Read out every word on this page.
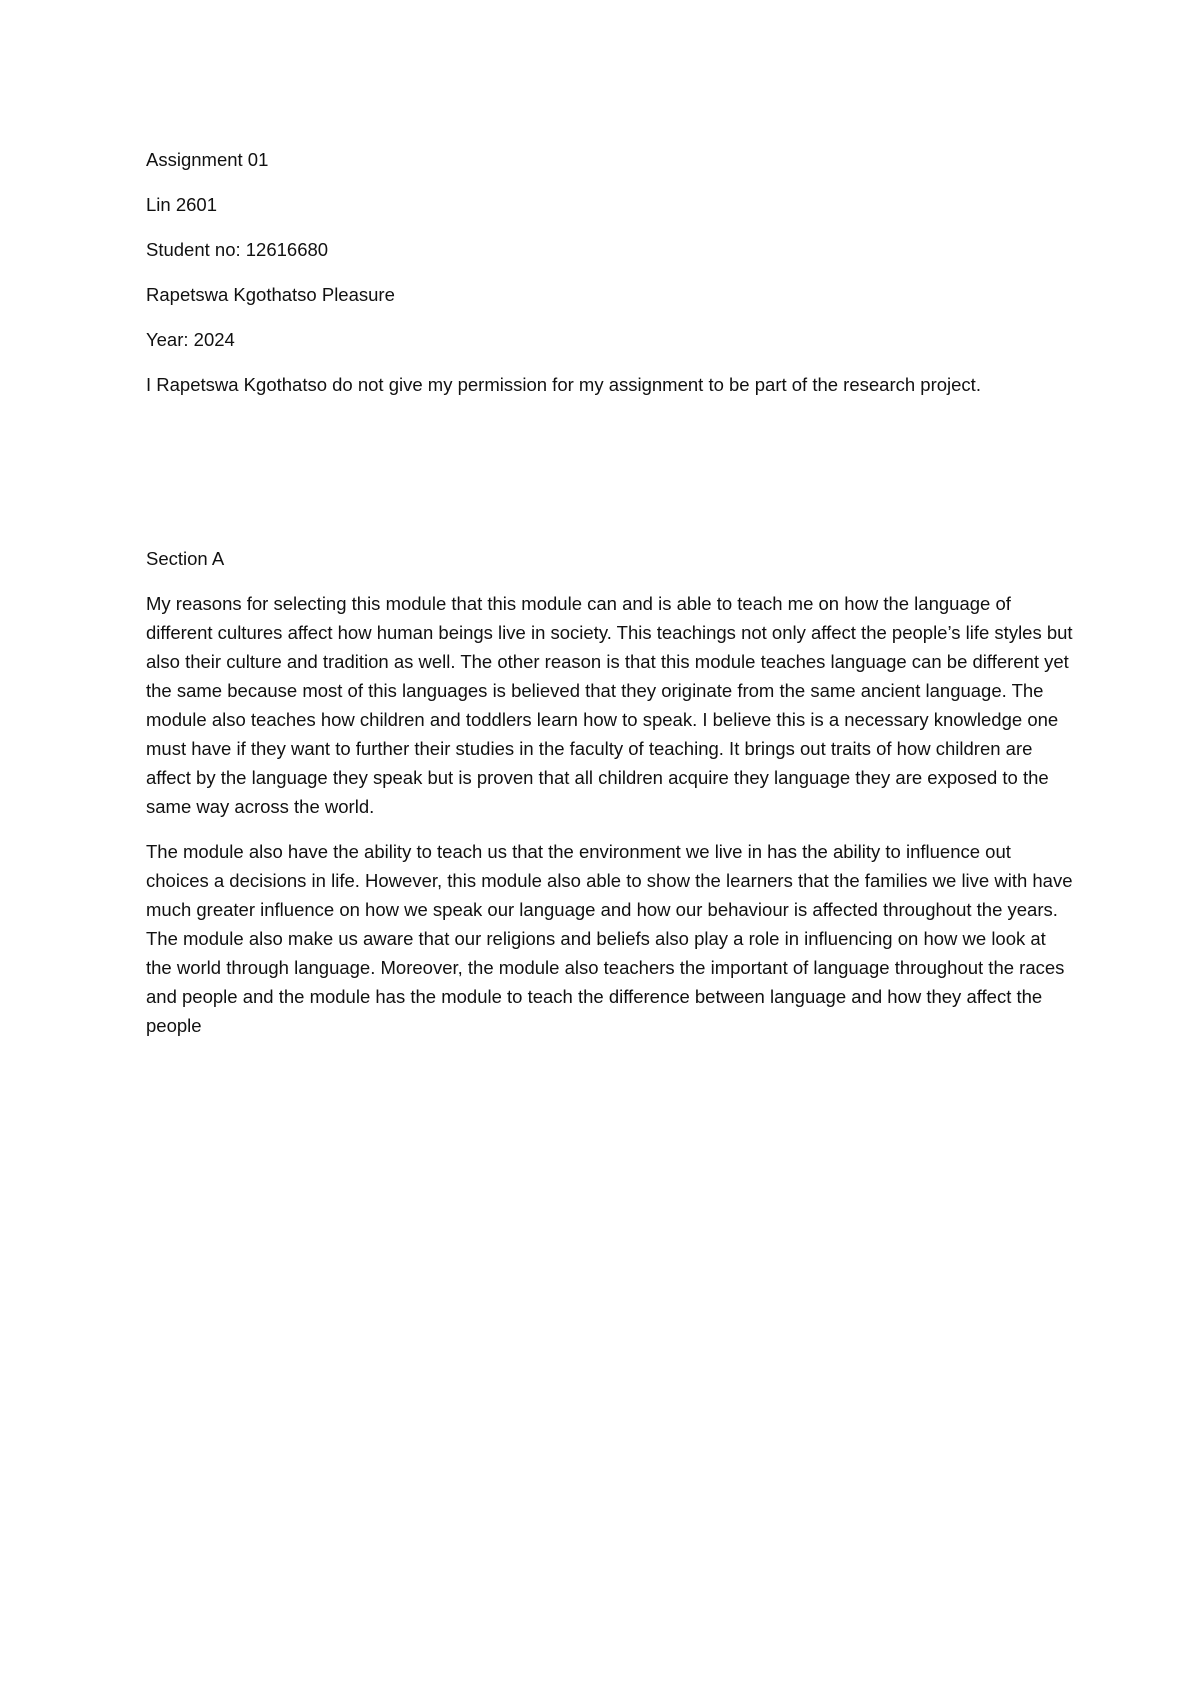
Assignment 01

Lin 2601

Student no: 12616680

Rapetswa Kgothatso Pleasure

Year: 2024

I Rapetswa Kgothatso do not give my permission for my assignment to be part of the research project.

Section A

My reasons for selecting this module that this module can and is able to teach me on how the language of different cultures affect how human beings live in society. This teachings not only affect the people’s life styles but also their culture and tradition as well. The other reason is that this module teaches language can be different yet the same because most of this languages is believed that they originate from the same ancient language. The module also teaches how children and toddlers learn how to speak. I believe this is a necessary knowledge one must have if they want to further their studies in the faculty of teaching. It brings out traits of how children are affect by the language they speak but is proven that all children acquire they language they are exposed to the same way across the world.

The module also have the ability to teach us that the environment we live in has the ability to influence out choices a decisions in life. However, this module also able to show the learners that the families we live with have much greater influence on how we speak our language and how our behaviour is affected throughout the years. The module also make us aware that our religions and beliefs also play a role in influencing on how we look at the world through language. Moreover, the module also teachers the important of language throughout the races and people and the module has the module to teach the difference between language and how they affect the people
